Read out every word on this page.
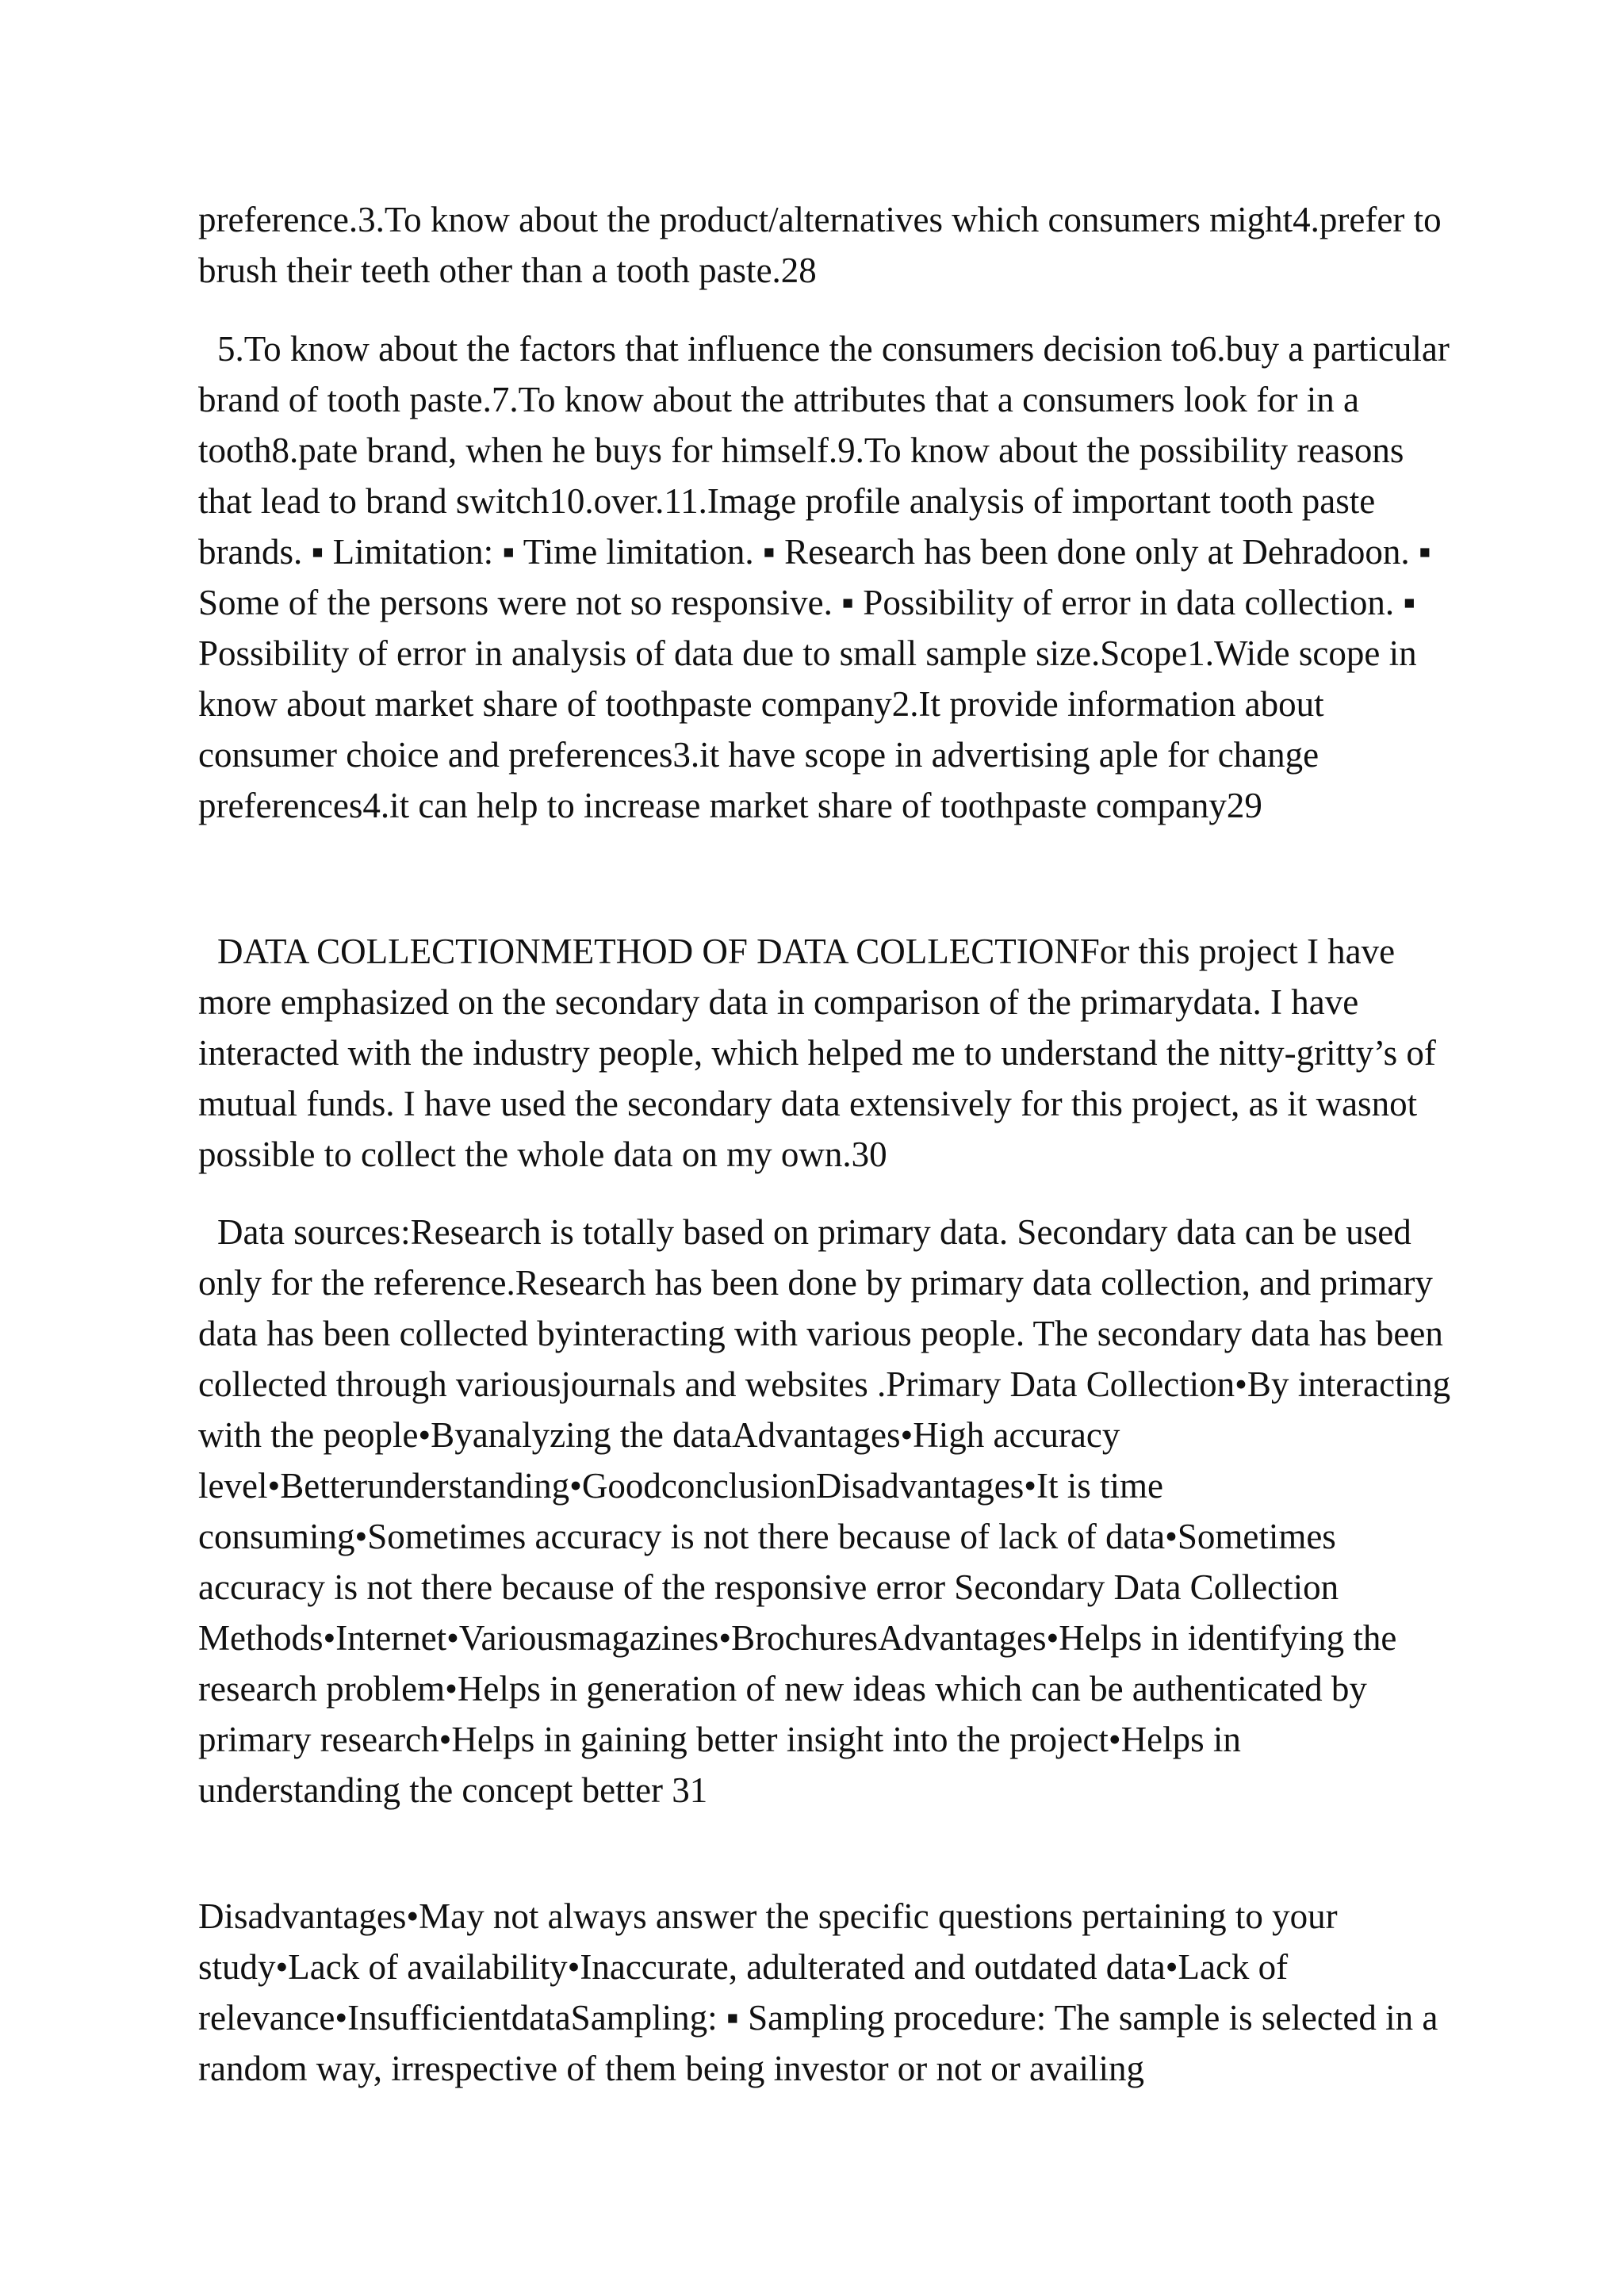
preference.3.To know about the product/alternatives which consumers might4.prefer to brush their teeth other than a tooth paste.28

5.To know about the factors that influence the consumers decision to6.buy a particular brand of tooth paste.7.To know about the attributes that a consumers look for in a tooth8.pate brand, when he buys for himself.9.To know about the possibility reasons that lead to brand switch10.over.11.Image profile analysis of important tooth paste brands. ▪ Limitation: ▪ Time limitation. ▪ Research has been done only at Dehradoon. ▪ Some of the persons were not so responsive. ▪ Possibility of error in data collection. ▪ Possibility of error in analysis of data due to small sample size.Scope1.Wide scope in know about market share of toothpaste company2.It provide information about consumer choice and preferences3.it have scope in advertising aple for change preferences4.it can help to increase market share of toothpaste company29

DATA COLLECTIONMETHOD OF DATA COLLECTIONFor this project I have more emphasized on the secondary data in comparison of the primarydata. I have interacted with the industry people, which helped me to understand the nitty-gritty’s of mutual funds. I have used the secondary data extensively for this project, as it wasnot possible to collect the whole data on my own.30

Data sources:Research is totally based on primary data. Secondary data can be used only for the reference.Research has been done by primary data collection, and primary data has been collected byinteracting with various people. The secondary data has been collected through variousjournals and websites .Primary Data Collection•By interacting with the people•Byanalyzing the dataAdvantages•High accuracy level•Betterunderstanding•GoodconclusionDisadvantages•It is time consuming•Sometimes accuracy is not there because of lack of data•Sometimes accuracy is not there because of the responsive error Secondary Data Collection Methods•Internet•Variousmagazines•BrochuresAdvantages•Helps in identifying the research problem•Helps in generation of new ideas which can be authenticated by primary research•Helps in gaining better insight into the project•Helps in understanding the concept better 31

Disadvantages•May not always answer the specific questions pertaining to your study•Lack of availability•Inaccurate, adulterated and outdated data•Lack of relevance•InsufficientdataSampling: ▪ Sampling procedure: The sample is selected in a random way, irrespective of them being investor or not or availing
